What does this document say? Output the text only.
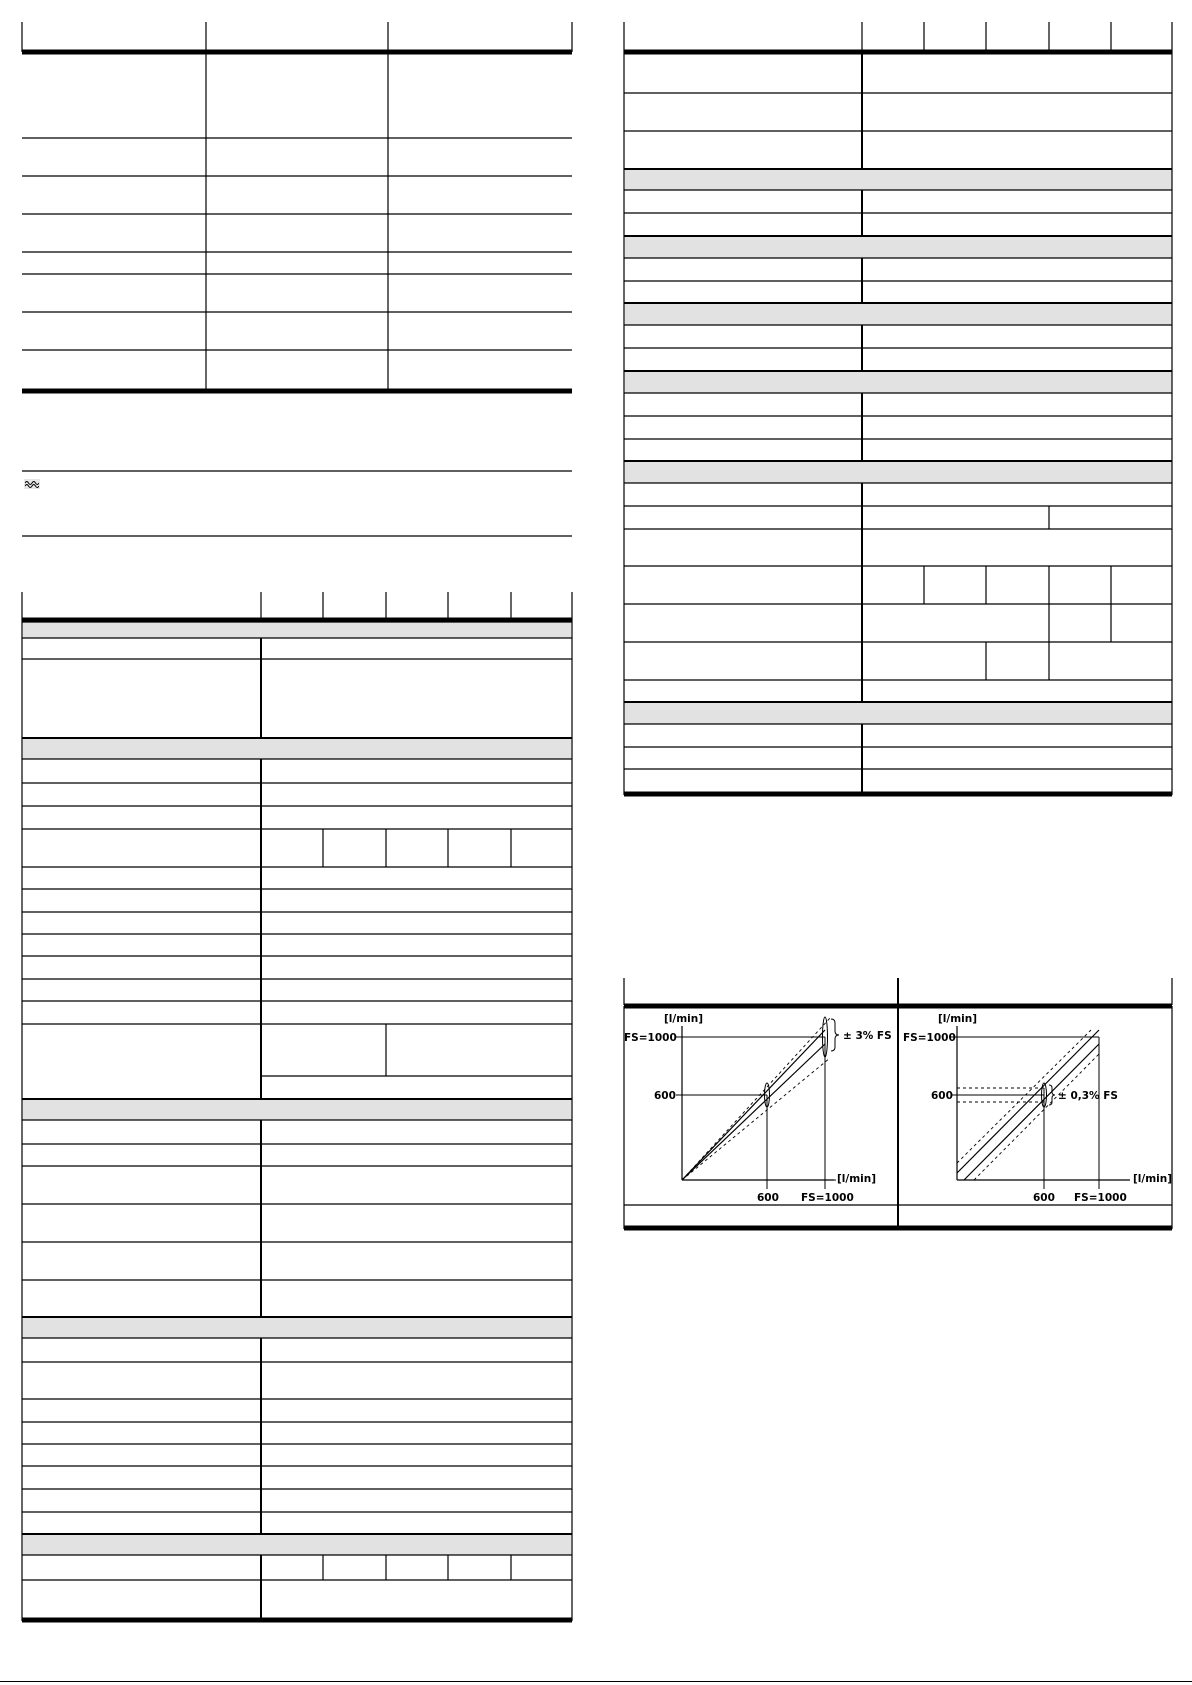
[l/min]
FS=1000
600
[l/min]
600 FS=1000
± 3% FS
[l/min]
FS=1000
600
[l/min]
600 FS=1000
± 0,3% FS
